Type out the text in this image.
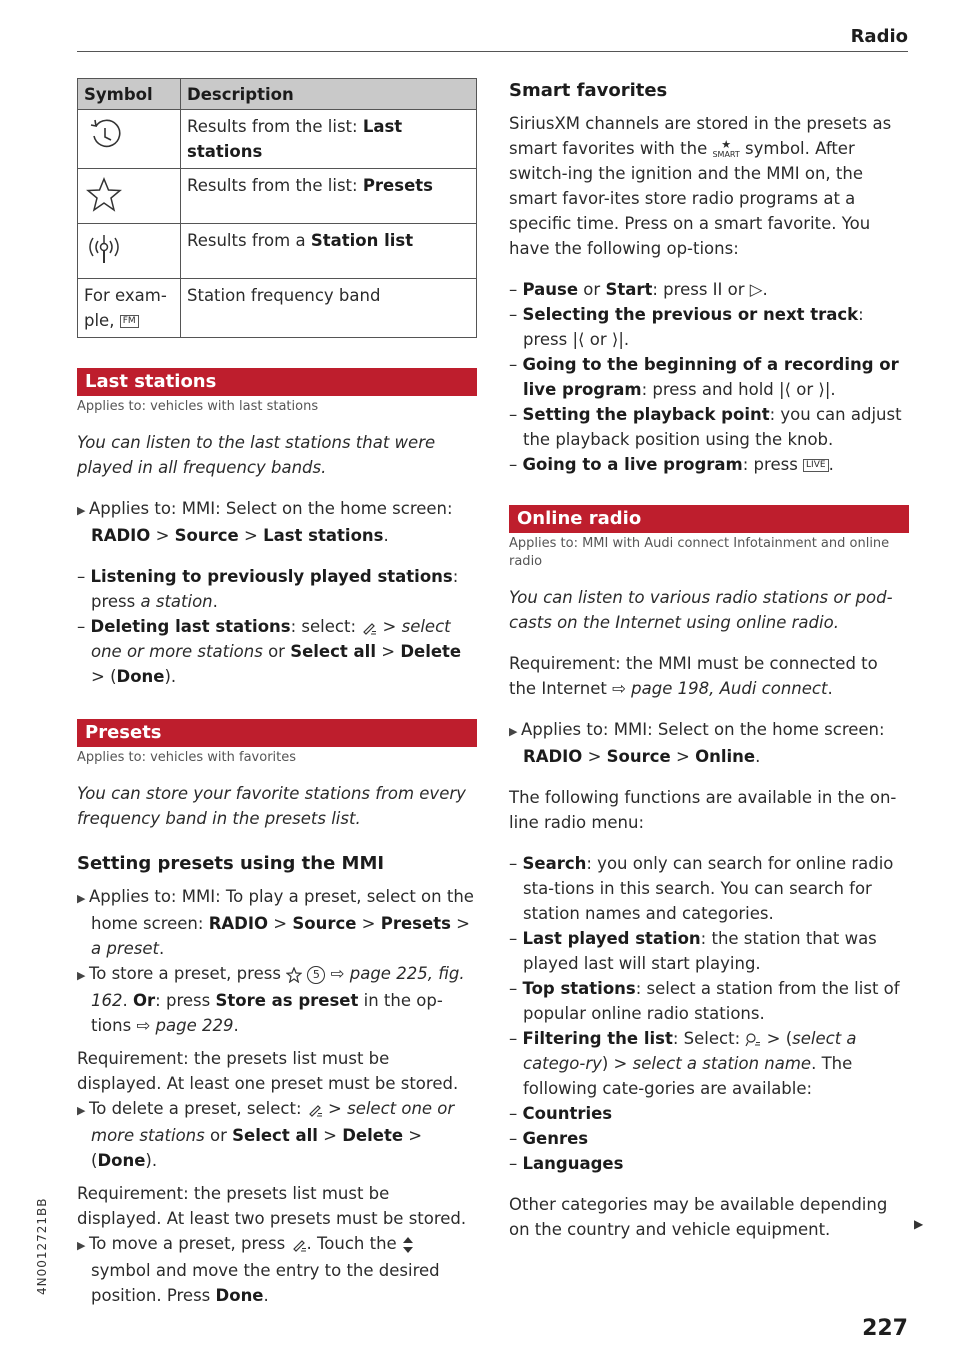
Radio
Symbol	Description

	Results from the list: Last stations

	Results from the list: Presets

	Results from a Station list
For exam-ple, FM	Station frequency band
Last stations

Applies to: vehicles with last stations

You can listen to the last stations that were played in all frequency bands.

▶ Applies to: MMI: Select on the home screen:
RADIO > Source > Last stations.

– Listening to previously played stations: press a station.

– Deleting last stations: select:  > select one or more stations or Select all > Delete > (Done).

Presets

Applies to: vehicles with favorites

You can store your favorite stations from every frequency band in the presets list.

Setting presets using the MMI

▶ Applies to: MMI: To play a preset, select on the home screen: RADIO > Source > Presets > a preset.

▶ To store a preset, press	5 ⇨ page 225, fig. 162. Or: press Store as preset in the op-tions ⇨ page 229.

Requirement: the presets list must be displayed. At least one preset must be stored.

▶ To delete a preset, select:  > select one or more stations or Select all > Delete > (Done).

Requirement: the presets list must be displayed. At least two presets must be stored.

▶ To move a preset, press . Touch the  symbol and move the entry to the desired position. Press Done.

Smart favorites

SiriusXM channels are stored in the presets as smart favorites with the ★
SMART symbol. After switch-ing the ignition and the MMI on, the smart favor-ites store radio programs at a specific time. Press on a smart favorite. You have the following op-tions:

– Pause or Start: press II or ▷.

– Selecting the previous or next track: press |⟨ or ⟩|.

– Going to the beginning of a recording or live program: press and hold |⟨ or ⟩|.

– Setting the playback point: you can adjust the playback position using the knob.

– Going to a live program: press LIVE .

Online radio

Applies to: MMI with Audi connect Infotainment and online radio

You can listen to various radio stations or pod-casts on the Internet using online radio.

Requirement: the MMI must be connected to the Internet ⇨ page 198, Audi connect.

▶ Applies to: MMI: Select on the home screen:
RADIO > Source > Online.

The following functions are available in the on-line radio menu:

– Search: you only can search for online radio sta-tions in this search. You can search for station names and categories.

– Last played station: the station that was played last will start playing.

– Top stations: select a station from the list of popular online radio stations.

– Filtering the list: Select:  > (select a catego-ry) > select a station name. The following cate-gories are available:

– Countries

– Genres

– Languages

Other categories may be available depending on the country and vehicle equipment.	▶
4N0012721BB
227
